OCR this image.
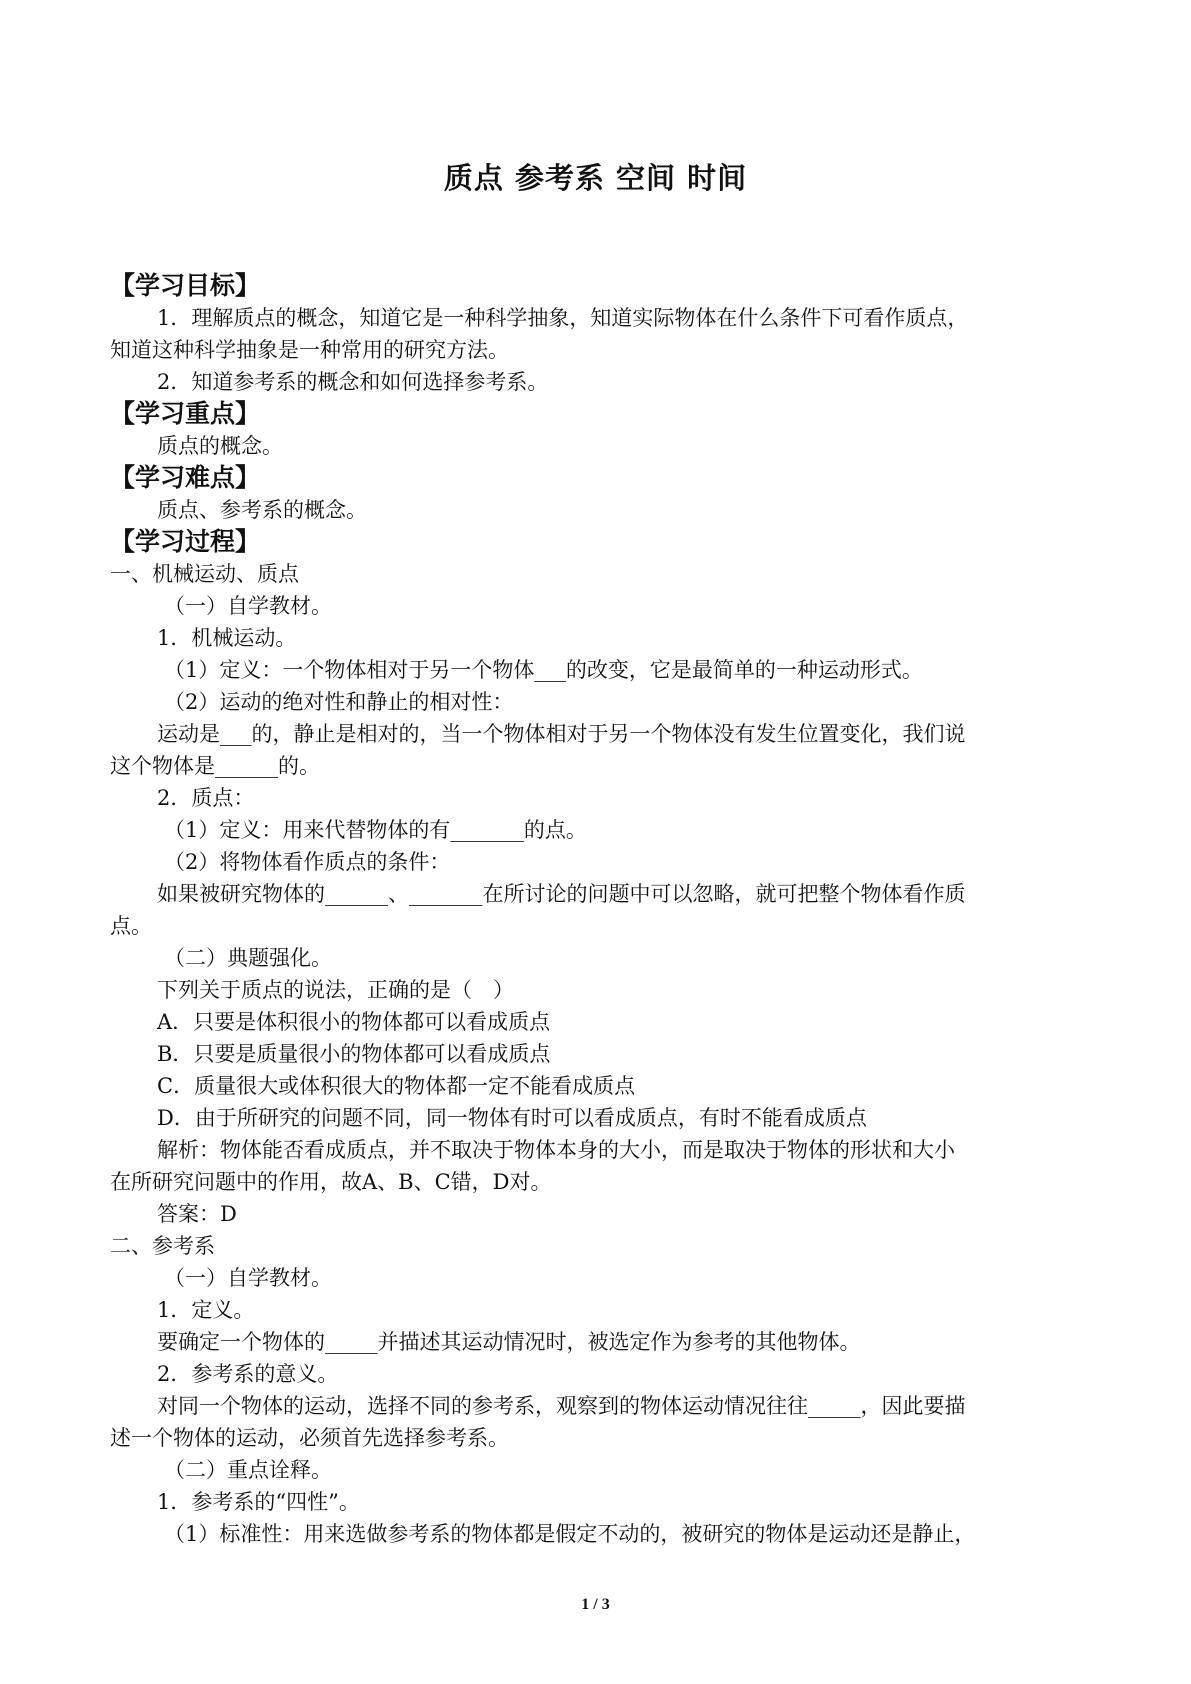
质点 参考系 空间 时间
【学习目标】
1．理解质点的概念，知道它是一种科学抽象，知道实际物体在什么条件下可看作质点，
知道这种科学抽象是一种常用的研究方法。
2．知道参考系的概念和如何选择参考系。
【学习重点】
质点的概念。
【学习难点】
质点、参考系的概念。
【学习过程】
一、机械运动、质点
（一）自学教材。
1．机械运动。
（1）定义：一个物体相对于另一个物体___的改变，它是最简单的一种运动形式。
（2）运动的绝对性和静止的相对性：
运动是___的，静止是相对的，当一个物体相对于另一个物体没有发生位置变化，我们说
这个物体是______的。
2．质点：
（1）定义：用来代替物体的有_______的点。
（2）将物体看作质点的条件：
如果被研究物体的______、_______在所讨论的问题中可以忽略，就可把整个物体看作质
点。
（二）典题强化。
下列关于质点的说法，正确的是（　）
A．只要是体积很小的物体都可以看成质点
B．只要是质量很小的物体都可以看成质点
C．质量很大或体积很大的物体都一定不能看成质点
D．由于所研究的问题不同，同一物体有时可以看成质点，有时不能看成质点
解析：物体能否看成质点，并不取决于物体本身的大小，而是取决于物体的形状和大小
在所研究问题中的作用，故A、B、C错，D对。
答案：D
二、参考系
（一）自学教材。
1．定义。
要确定一个物体的_____并描述其运动情况时，被选定作为参考的其他物体。
2．参考系的意义。
对同一个物体的运动，选择不同的参考系，观察到的物体运动情况往往_____，因此要描
述一个物体的运动，必须首先选择参考系。
（二）重点诠释。
1．参考系的“四性”。
（1）标准性：用来选做参考系的物体都是假定不动的，被研究的物体是运动还是静止，
1 / 3
